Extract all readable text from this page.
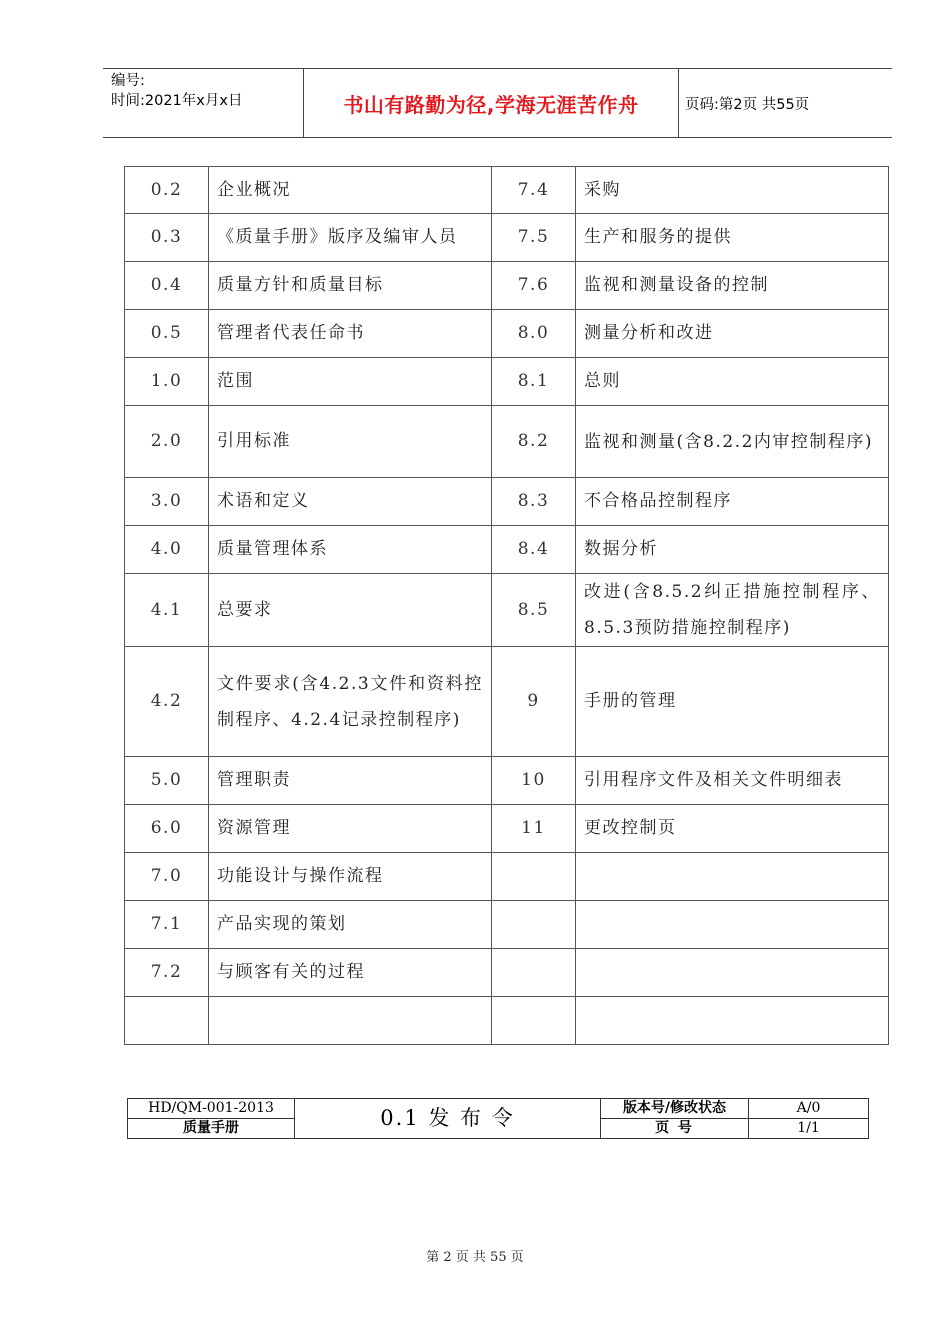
编号:
时间:2021年x月x日	书山有路勤为径,学海无涯苦作舟	页码:第2页 共55页
0.2	企业概况	7.4	采购
0.3	《质量手册》版序及编审人员	7.5	生产和服务的提供
0.4	质量方针和质量目标	7.6	监视和测量设备的控制
0.5	管理者代表任命书	8.0	测量分析和改进
1.0	范围	8.1	总则
2.0	引用标准	8.2	监视和测量(含8.2.2内审控制程序)
3.0	术语和定义	8.3	不合格品控制程序
4.0	质量管理体系	8.4	数据分析
4.1	总要求	8.5	改进(含8.5.2纠正措施控制程序、8.5.3预防措施控制程序)
4.2	文件要求(含4.2.3文件和资料控制程序、4.2.4记录控制程序)	9	手册的管理
5.0	管理职责	10	引用程序文件及相关文件明细表
6.0	资源管理	11	更改控制页
7.0	功能设计与操作流程		
7.1	产品实现的策划		
7.2	与顾客有关的过程		

HD/QM-001-2013	0.1 发 布 令	版本号/修改状态	A/0
质量手册		页 号	1/1
第 2 页 共 55 页
